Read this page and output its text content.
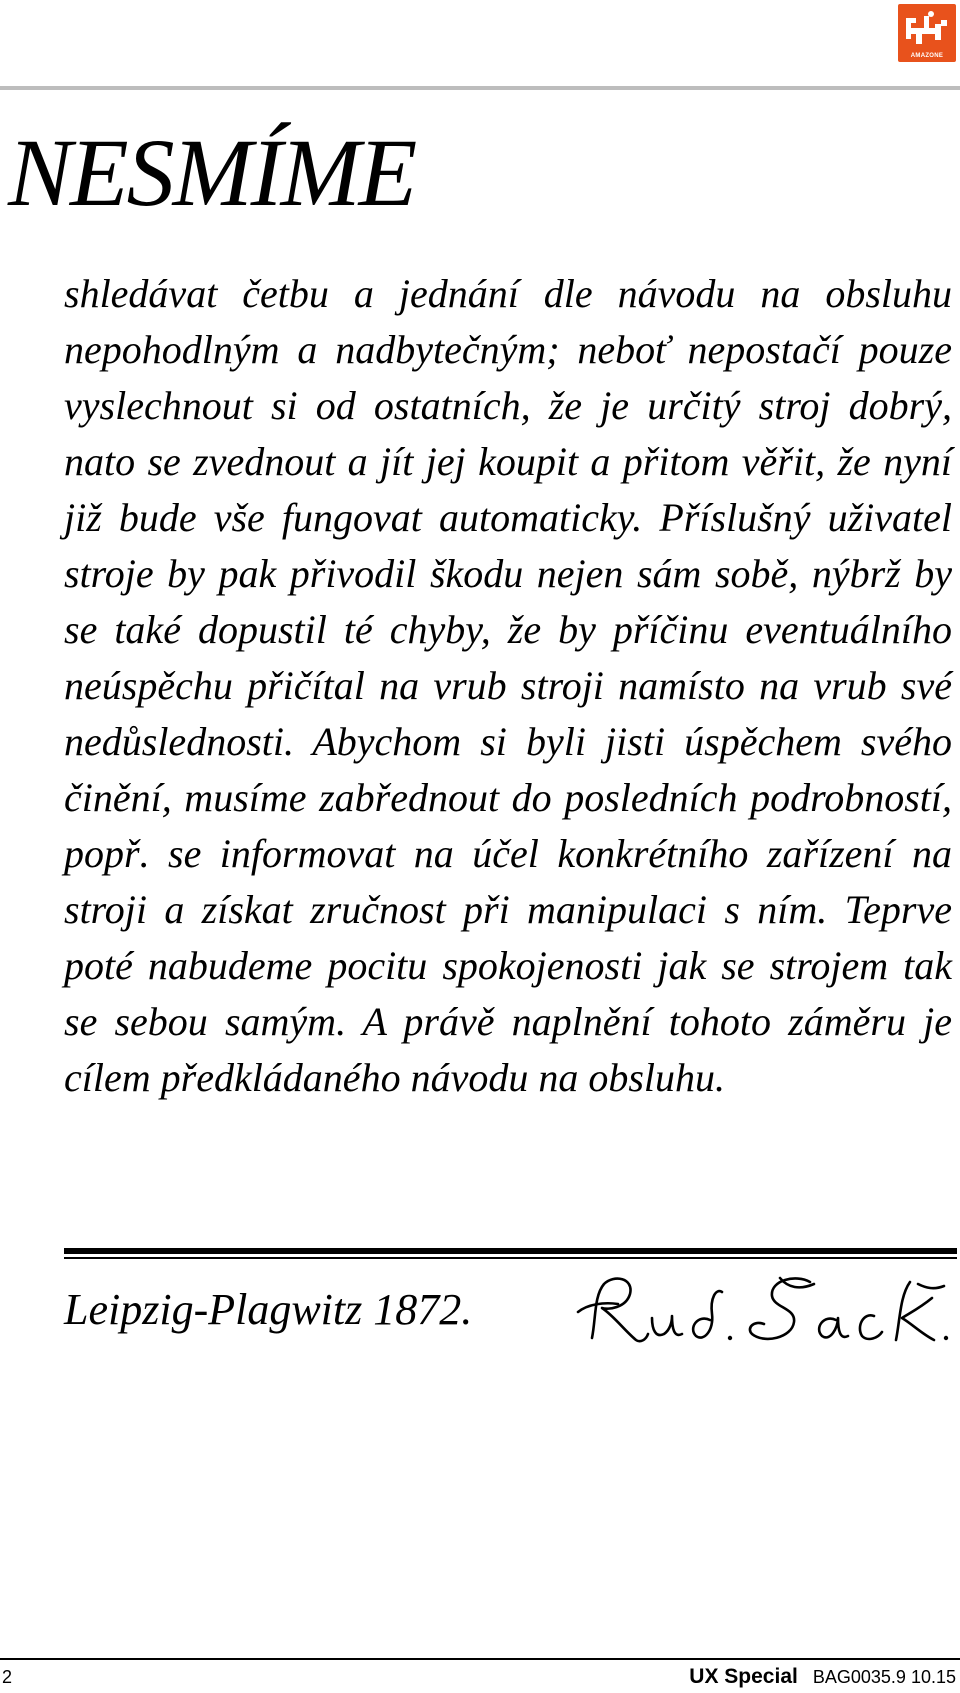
AMAZONE
NESMÍME

shledávat četbu a jednání dle návodu na obsluhu nepohodlným a nadbytečným; neboť nepostačí pouze vyslechnout si od ostatních, že je určitý stroj dobrý, nato se zvednout a jít jej koupit a přitom věřit, že nyní již bude vše fungovat automaticky. Příslušný uživatel stroje by pak přivodil škodu nejen sám sobě, nýbrž by se také dopustil té chyby, že by příčinu eventuálního neúspěchu přičítal na vrub stroji namísto na vrub své nedůslednosti. Abychom si byli jisti úspěchem svého činění, musíme zabřednout do posledních podrobností, popř. se informovat na účel konkrétního zařízení na stroji a získat zručnost při manipulaci s ním. Teprve poté nabudeme pocitu spokojenosti jak se strojem tak se sebou samým. A právě naplnění tohoto záměru je cílem předkládaného návodu na obsluhu.

Leipzig-Plagwitz 1872.
2	UX Special BAG0035.9 10.15
